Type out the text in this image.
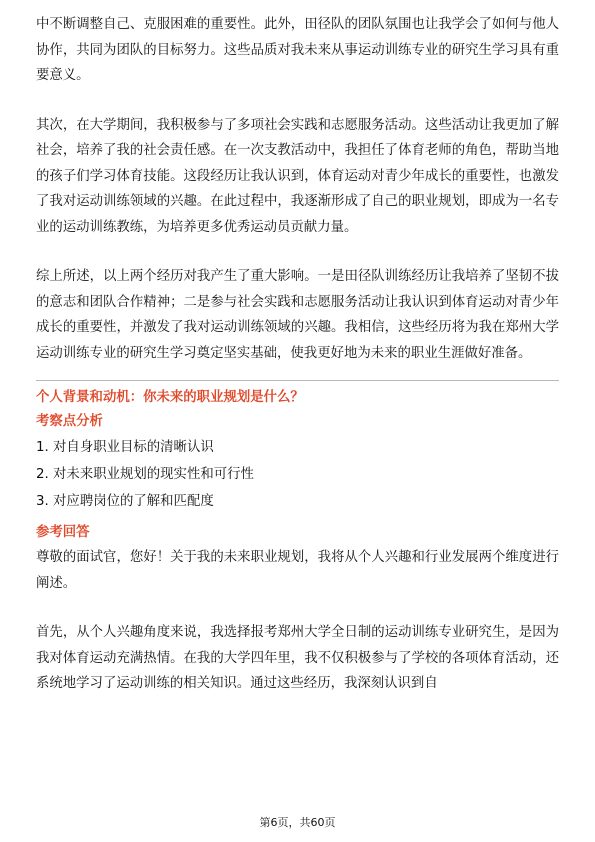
中不断调整自己、克服困难的重要性。此外，田径队的团队氛围也让我学会了如何与他人协作，共同为团队的目标努力。这些品质对我未来从事运动训练专业的研究生学习具有重要意义。

其次，在大学期间，我积极参与了多项社会实践和志愿服务活动。这些活动让我更加了解社会，培养了我的社会责任感。在一次支教活动中，我担任了体育老师的角色，帮助当地的孩子们学习体育技能。这段经历让我认识到，体育运动对青少年成长的重要性，也激发了我对运动训练领域的兴趣。在此过程中，我逐渐形成了自己的职业规划，即成为一名专业的运动训练教练，为培养更多优秀运动员贡献力量。

综上所述，以上两个经历对我产生了重大影响。一是田径队训练经历让我培养了坚韧不拔的意志和团队合作精神；二是参与社会实践和志愿服务活动让我认识到体育运动对青少年成长的重要性，并激发了我对运动训练领域的兴趣。我相信，这些经历将为我在郑州大学运动训练专业的研究生学习奠定坚实基础，使我更好地为未来的职业生涯做好准备。

个人背景和动机：你未来的职业规划是什么？

考察点分析

1. 对自身职业目标的清晰认识

2. 对未来职业规划的现实性和可行性

3. 对应聘岗位的了解和匹配度

参考回答

尊敬的面试官，您好！关于我的未来职业规划，我将从个人兴趣和行业发展两个维度进行阐述。

首先，从个人兴趣角度来说，我选择报考郑州大学全日制的运动训练专业研究生，是因为我对体育运动充满热情。在我的大学四年里，我不仅积极参与了学校的各项体育活动，还系统地学习了运动训练的相关知识。通过这些经历，我深刻认识到自

第6页，共60页
